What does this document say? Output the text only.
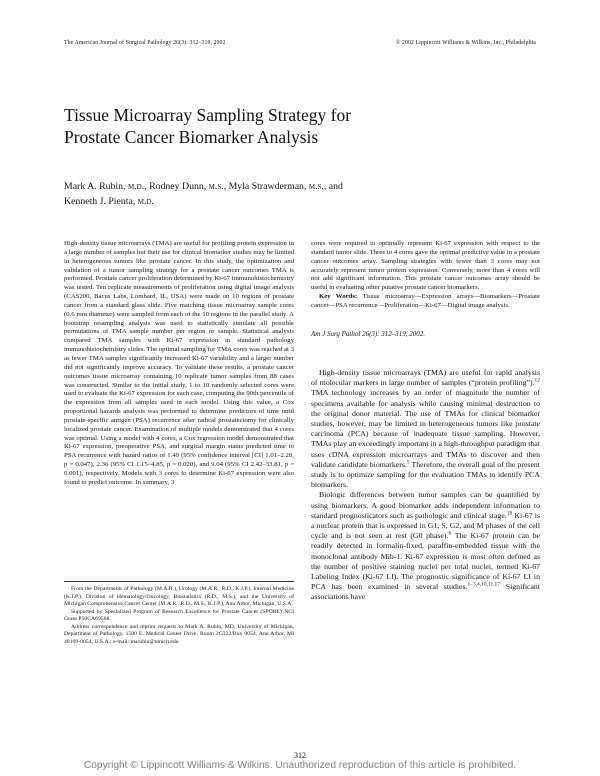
The American Journal of Surgical Pathology 26(3): 312–319, 2002	© 2002 Lippincott Williams & Wilkins, Inc., Philadelphia
Tissue Microarray Sampling Strategy for
Prostate Cancer Biomarker Analysis
Mark A. Rubin, m.d., Rodney Dunn, m.s., Myla Strawderman, m.s., and
Kenneth J. Pienta, m.d.

High-density tissue microarrays (TMA) are useful for profiling protein expression in a large number of samples but their use for clinical biomarker studies may be limited in heterogeneous tumors like prostate cancer. In this study, the optimization and validation of a tumor sampling strategy for a prostate cancer outcomes TMA is performed. Prostate cancer proliferation determined by Ki-67 immunohistochemistry was tested. Ten replicate measurements of proliferation using digital image analysis (CAS200, Bacus Labs, Lombard, IL, USA) were made on 10 regions of prostate cancer from a standard glass slide. Five matching tissue microarray sample cores (0.6 mm diameter) were sampled from each of the 10 regions in the parallel study. A bootstrap resampling analysis was used to statistically simulate all possible permutations of TMA sample number per region or sample. Statistical analysis compared TMA samples with Ki-67 expression in standard pathology immunohistochemistry slides. The optimal sampling for TMA cores was reached at 3 as fewer TMA samples significantly increased Ki-67 variability and a larger number did not significantly improve accuracy. To validate these results, a prostate cancer outcomes tissue microarray containing 10 replicate tumor samples from 88 cases was constructed. Similar to the initial study, 1 to 10 randomly selected cores were used to evaluate the Ki-67 expression for each case, computing the 90th percentile of the expression from all samples used in each model. Using this value, a Cox proportional hazards analysis was performed to determine predictors of time until prostate-specific antigen (PSA) recurrence after radical prostatectomy for clinically localized prostate cancer. Examination of multiple models demonstrated that 4 cores was optimal. Using a model with 4 cores, a Cox regression model demonstrated that Ki-67 expression, preoperative PSA, and surgical margin status predicted time to PSA recurrence with hazard ratios of 1.49 (95% confidence interval [CI] 1.01–2.20, p = 0.047), 2.36 (95% CI 1.15–4.85, p = 0.020), and 9.04 (95% CI 2.42–33.81, p = 0.001), respectively. Models with 3 cores to determine Ki-67 expression were also found to predict outcome. In summary, 3

cores were required to optimally represent Ki-67 expression with respect to the standard tumor slide. Three to 4 cores gave the optimal predictive value in a prostate cancer outcomes array. Sampling strategies with fewer than 3 cores may not accurately represent tumor protein expression. Conversely, more than 4 cores will not add significant information. This prostate cancer outcomes array should be useful in evaluating other putative prostate cancer biomarkers.

Key Words: Tissue microarray—Expression arrays—Biomarkers—Prostate cancer—PSA recurrence—Proliferation—Ki-67—Digital image analysis.

Am J Surg Pathol 26(3): 312–319, 2002.

High-density tissue microarrays (TMA) are useful for rapid analysis of molecular markers in large number of samples (“protein profiling”).$^{12}$ TMA technology increases by an order of magnitude the number of specimens available for analysis while causing minimal destruction to the original donor material. The use of TMAs for clinical biomarker studies, however, may be limited in heterogeneous tumors like prostate carcinoma (PCA) because of inadequate tissue sampling. However, TMAs play an exceedingly important in a high-throughput paradigm that uses cDNA expression microarrays and TMAs to discover and then validate candidate biomarkers.$^5$ Therefore, the overall goal of the present study is to optimize sampling for the evaluation TMAs to identify PCA biomarkers.

Biologic differences between tumor samples can be quantified by using biomarkers. A good biomarker adds independent information to standard prognosticators such as pathologic and clinical stage.$^{18}$ Ki-67 is a nuclear protein that is expressed in G1, S, G2, and M phases of the cell cycle and is not seen at rest (G0 phase).$^6$ The Ki-67 protein can be readily detected in formalin-fixed, paraffin-embedded tissue with the monoclonal antibody Mib-1. Ki-67 expression is most often defined as the number of positive staining nuclei per total nuclei, termed Ki-67 Labeling Index (Ki-67 LI). The prognostic significance of Ki-67 LI in PCA has been examined in several studies.$^{1-3,4,10,11,17}$ Significant associations have

From the Departments of Pathology (M.A.R.), Urology (M.A.R., R.D., K.J.P.), Internal Medicine (K.J.P.), Division of Hematology/Oncology, Biostatistics (R.D., M.S.), and the University of Michigan Comprehensive Cancer Center (M.A.R., R.D., M.S., K.J.P.), Ann Arbor, Michigan, U.S.A.

Supported by Specialized Program of Research Excellence for Prostate Cancer (SPORE) NCI Grant P50CA69568.

Address correspondence and reprint requests to Mark A. Rubin, MD, University of Michigan, Department of Pathology, 1500 E. Medical Center Drive, Room 2G332/Box 0054, Ann Arbor, MI 48109-0054, U.S.A.; e-mail: marubin@umich.edu

312
Copyright © Lippincott Williams & Wilkins. Unauthorized reproduction of this article is prohibited.
